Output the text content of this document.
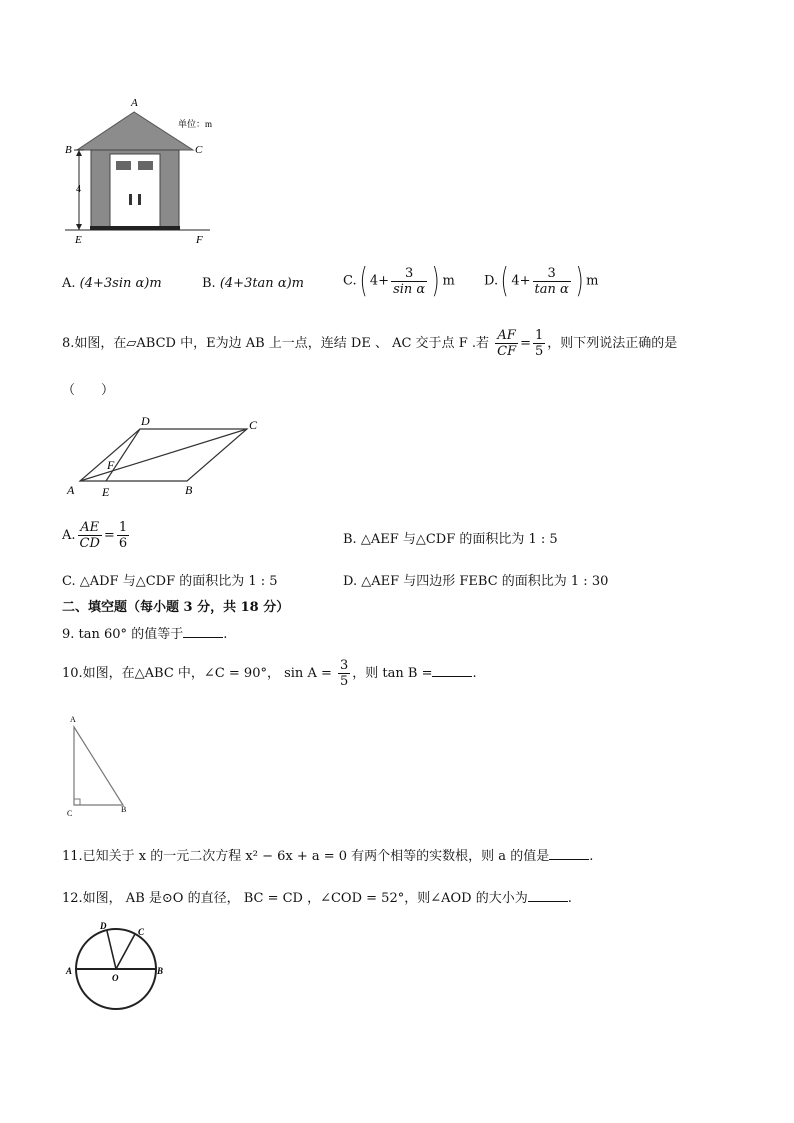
4
A
B	C
E	F
单位：m
A. (4+3sin α)m	B. (4+3tan α)m	C.( $4+ \frac{3}{\text{sin α}}$ ) m D.( $4+ \frac{3}{\text{tan α}}$ ) m
8.如图，在▱ABCD 中，E为边 AB 上一点，连结 DE 、 AC 交于点 F .若 $\frac{AF}{CF} = \frac{1}{5}$ ，则下列说法正确的是
（　　）
A E	B
C
D
F
A. $\frac{AE}{CD} = \frac{1}{6}$	B. △AEF 与△CDF 的面积比为 1 : 5
C. △ADF 与△CDF 的面积比为 1 : 5	D. △AEF 与四边形 FEBC 的面积比为 1 : 30
二、填空题（每小题 3 分，共 18 分）
9. tan 60° 的值等于	.
10.如图，在△ABC 中，∠C = 90°， $\sin A = \frac{3}{5}$ ，则 tan B =	.
A
C	B
11.已知关于 x 的一元二次方程 x² − 6x + a = 0 有两个相等的实数根，则 a 的值是	.
12.如图， AB 是⊙O 的直径， BC = CD ，∠COD = 52°，则∠AOD 的大小为	.
A	B
O
D
C
